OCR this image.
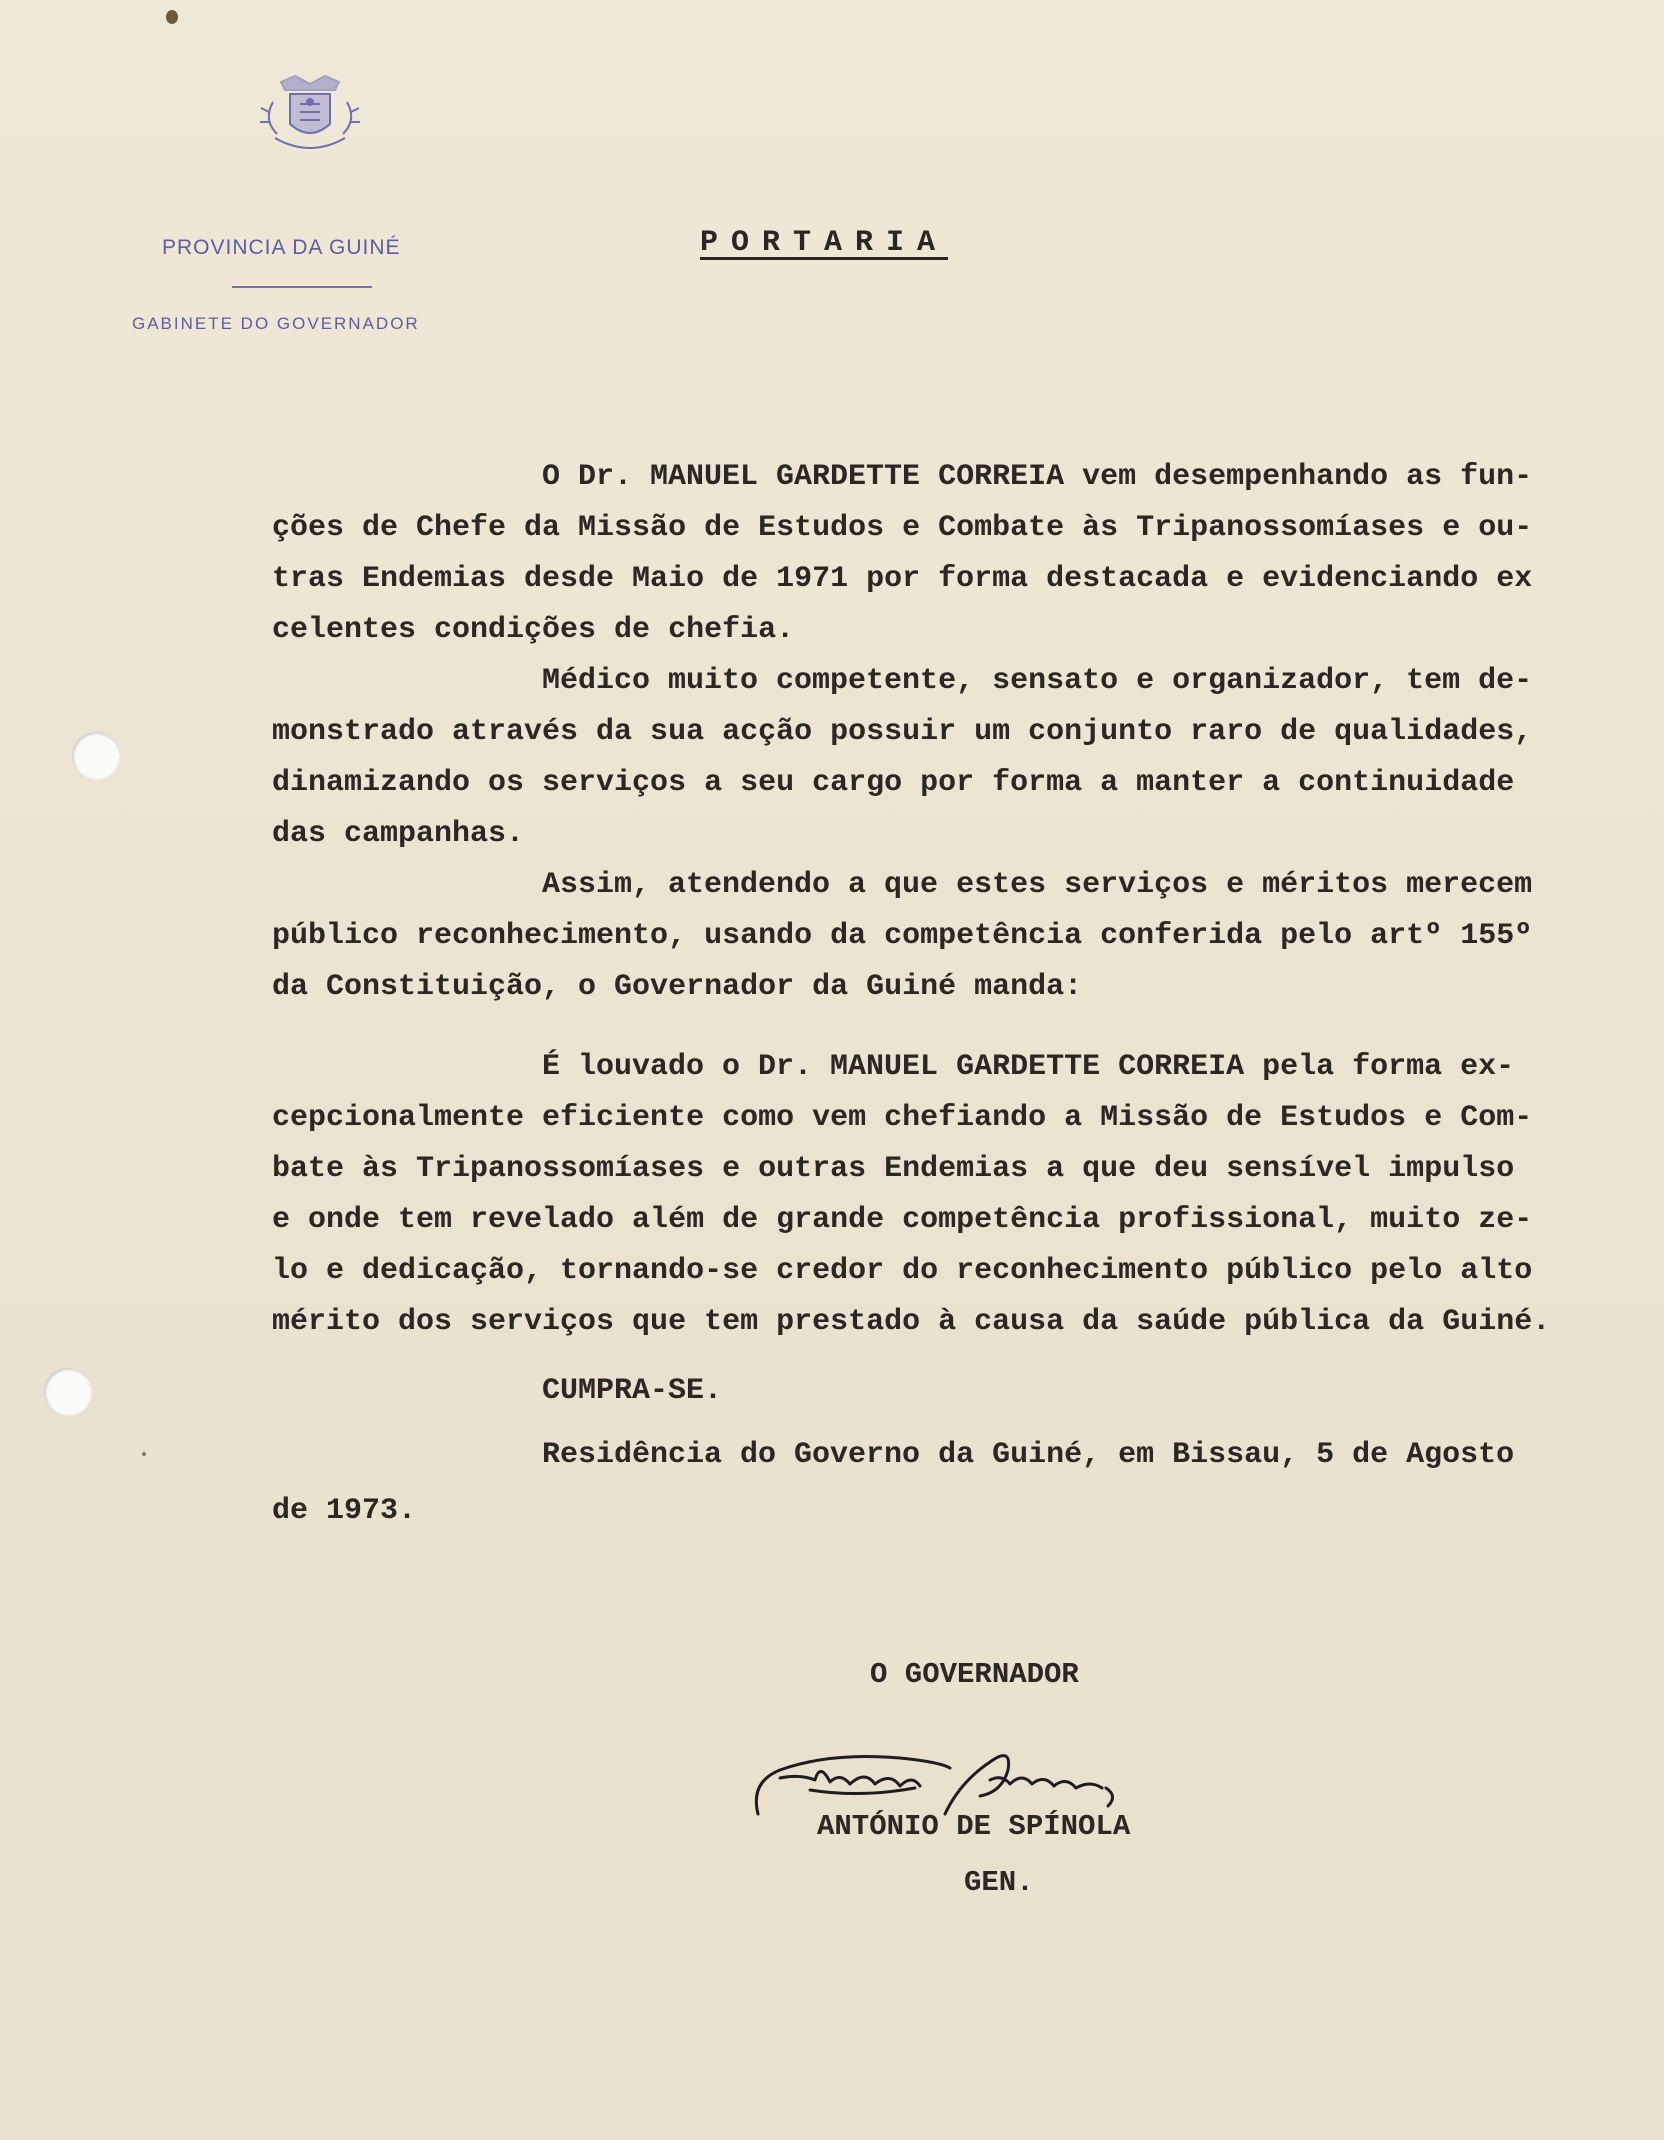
PROVINCIA DA GUINÉ
GABINETE DO GOVERNADOR
PORTARIA
O Dr. MANUEL GARDETTE CORREIA vem desempenhando as fun-
ções de Chefe da Missão de Estudos e Combate às Tripanossomíases e ou-
tras Endemias desde Maio de 1971 por forma destacada e evidenciando ex
celentes condições de chefia.
Médico muito competente, sensato e organizador, tem de-
monstrado através da sua acção possuir um conjunto raro de qualidades,
dinamizando os serviços a seu cargo por forma a manter a continuidade
das campanhas.
Assim, atendendo a que estes serviços e méritos merecem
público reconhecimento, usando da competência conferida pelo artº 155º
da Constituição, o Governador da Guiné manda:
É louvado o Dr. MANUEL GARDETTE CORREIA pela forma ex-
cepcionalmente eficiente como vem chefiando a Missão de Estudos e Com-
bate às Tripanossomíases e outras Endemias a que deu sensível impulso
e onde tem revelado além de grande competência profissional, muito ze-
lo e dedicação, tornando-se credor do reconhecimento público pelo alto
mérito dos serviços que tem prestado à causa da saúde pública da Guiné.
CUMPRA-SE.
Residência do Governo da Guiné, em Bissau, 5 de Agosto
de 1973.
O GOVERNADOR
ANTÓNIO DE SPÍNOLA
GEN.
